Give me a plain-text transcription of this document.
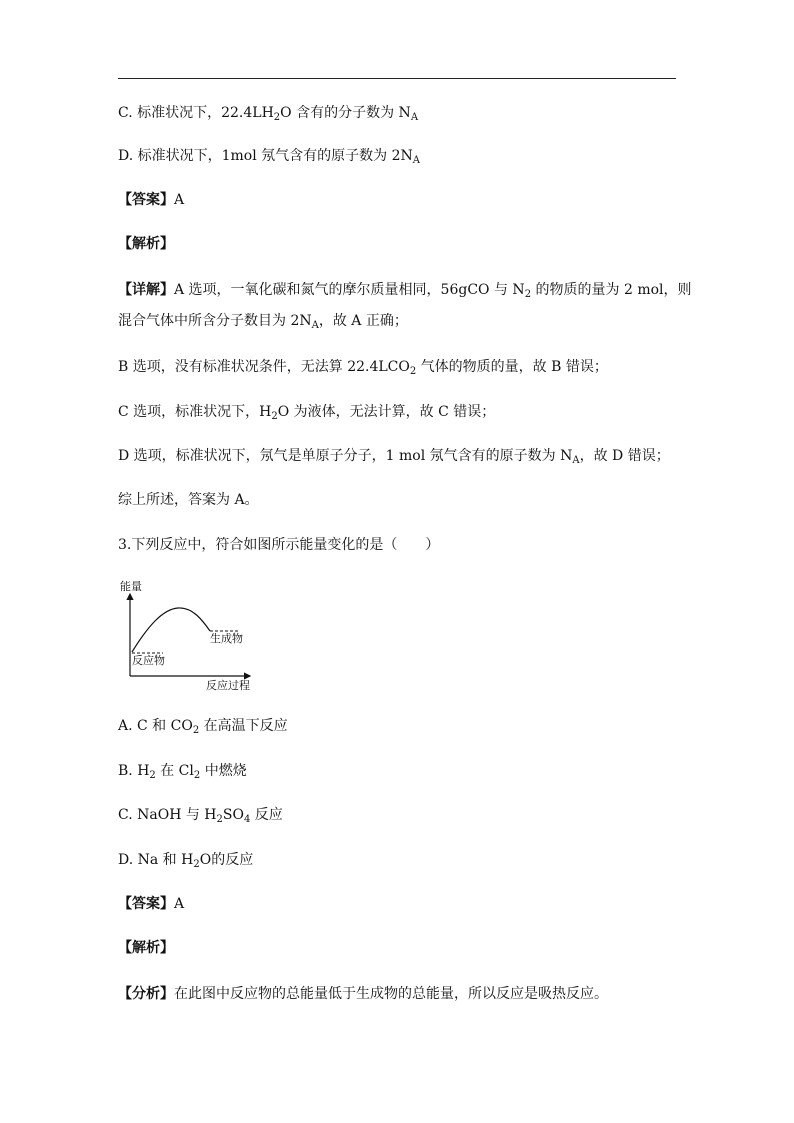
C. 标准状况下，$22.4LH_2O$ 含有的分子数为 $N_A$
D. 标准状况下，1mol 氖气含有的原子数为 $2N_A$
【答案】A
【解析】
【详解】A 选项，一氧化碳和氮气的摩尔质量相同，56gCO 与 $N_2$ 的物质的量为 2 mol，则
混合气体中所含分子数目为 $2N_A$，故 A 正确；
B 选项，没有标准状况条件，无法算 $22.4LCO_2$ 气体的物质的量，故 B 错误；
C 选项，标准状况下，$H_2O$ 为液体，无法计算，故 C 错误；
D 选项，标准状况下，氖气是单原子分子，1 mol 氖气含有的原子数为 $N_A$，故 D 错误；
综上所述，答案为 A。
3.下列反应中，符合如图所示能量变化的是（　　）
能量
反应过程
反应物
生成物
A. C 和 $CO_2$ 在高温下反应
B. $H_2$ 在 $Cl_2$ 中燃烧
C. NaOH 与 $H_2SO_4$ 反应
D. Na 和 $H_2O$的反应
【答案】A
【解析】
【分析】在此图中反应物的总能量低于生成物的总能量，所以反应是吸热反应。
